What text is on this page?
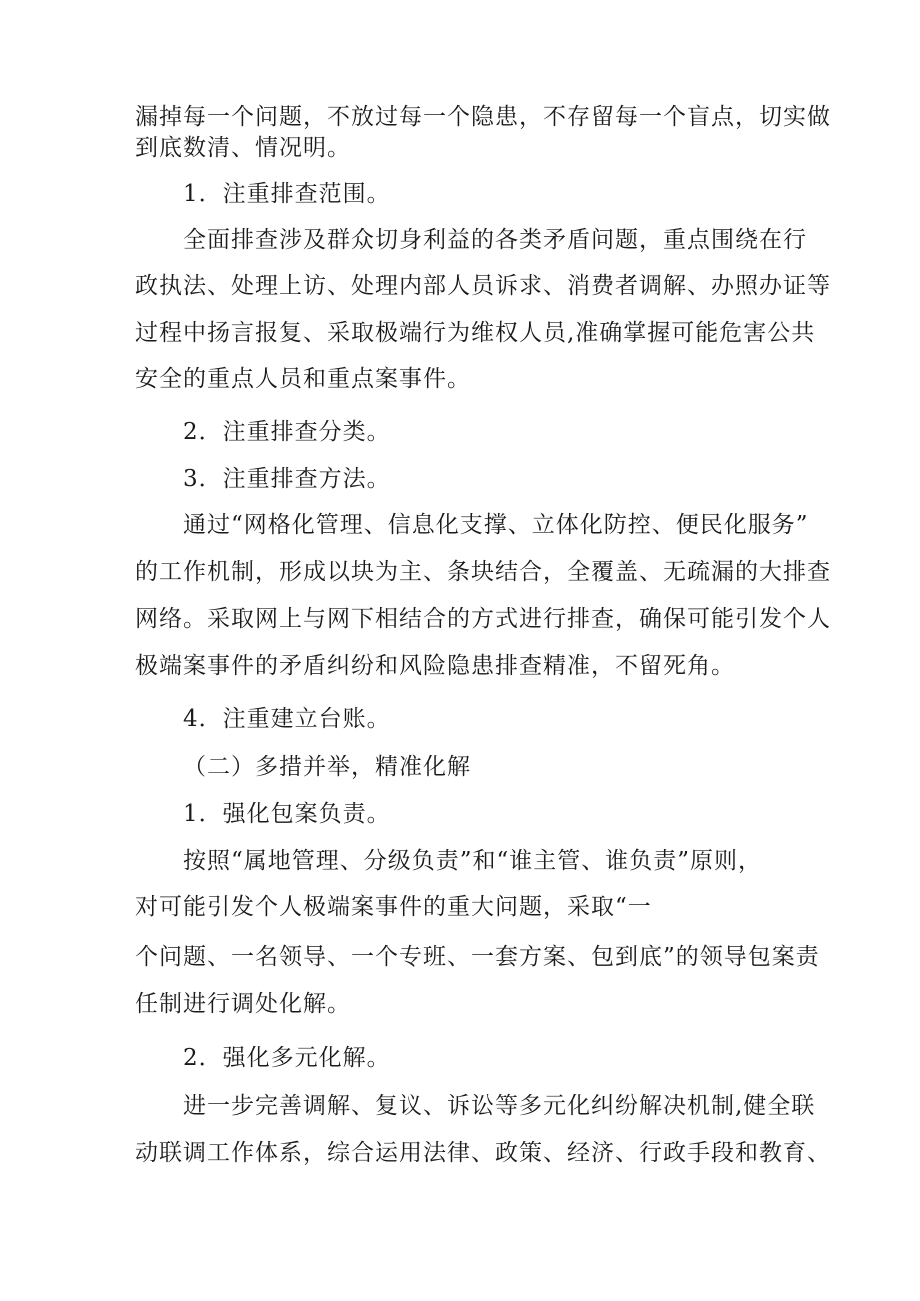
漏掉每一个问题，不放过每一个隐患，不存留每一个盲点，切实做

到底数清、情况明。

1．注重排查范围。

全面排查涉及群众切身利益的各类矛盾问题，重点围绕在行

政执法、处理上访、处理内部人员诉求、消费者调解、办照办证等

过程中扬言报复、采取极端行为维权人员,准确掌握可能危害公共

安全的重点人员和重点案事件。

2．注重排查分类。

3．注重排查方法。

通过“网格化管理、信息化支撑、立体化防控、便民化服务”

的工作机制，形成以块为主、条块结合，全覆盖、无疏漏的大排查

网络。采取网上与网下相结合的方式进行排查，确保可能引发个人

极端案事件的矛盾纠纷和风险隐患排查精准，不留死角。

4．注重建立台账。

（二）多措并举，精准化解

1．强化包案负责。

按照“属地管理、分级负责”和“谁主管、谁负责”原则，

对可能引发个人极端案事件的重大问题，采取“一

个问题、一名领导、一个专班、一套方案、包到底”的领导包案责

任制进行调处化解。

2．强化多元化解。

进一步完善调解、复议、诉讼等多元化纠纷解决机制,健全联

动联调工作体系，综合运用法律、政策、经济、行政手段和教育、
